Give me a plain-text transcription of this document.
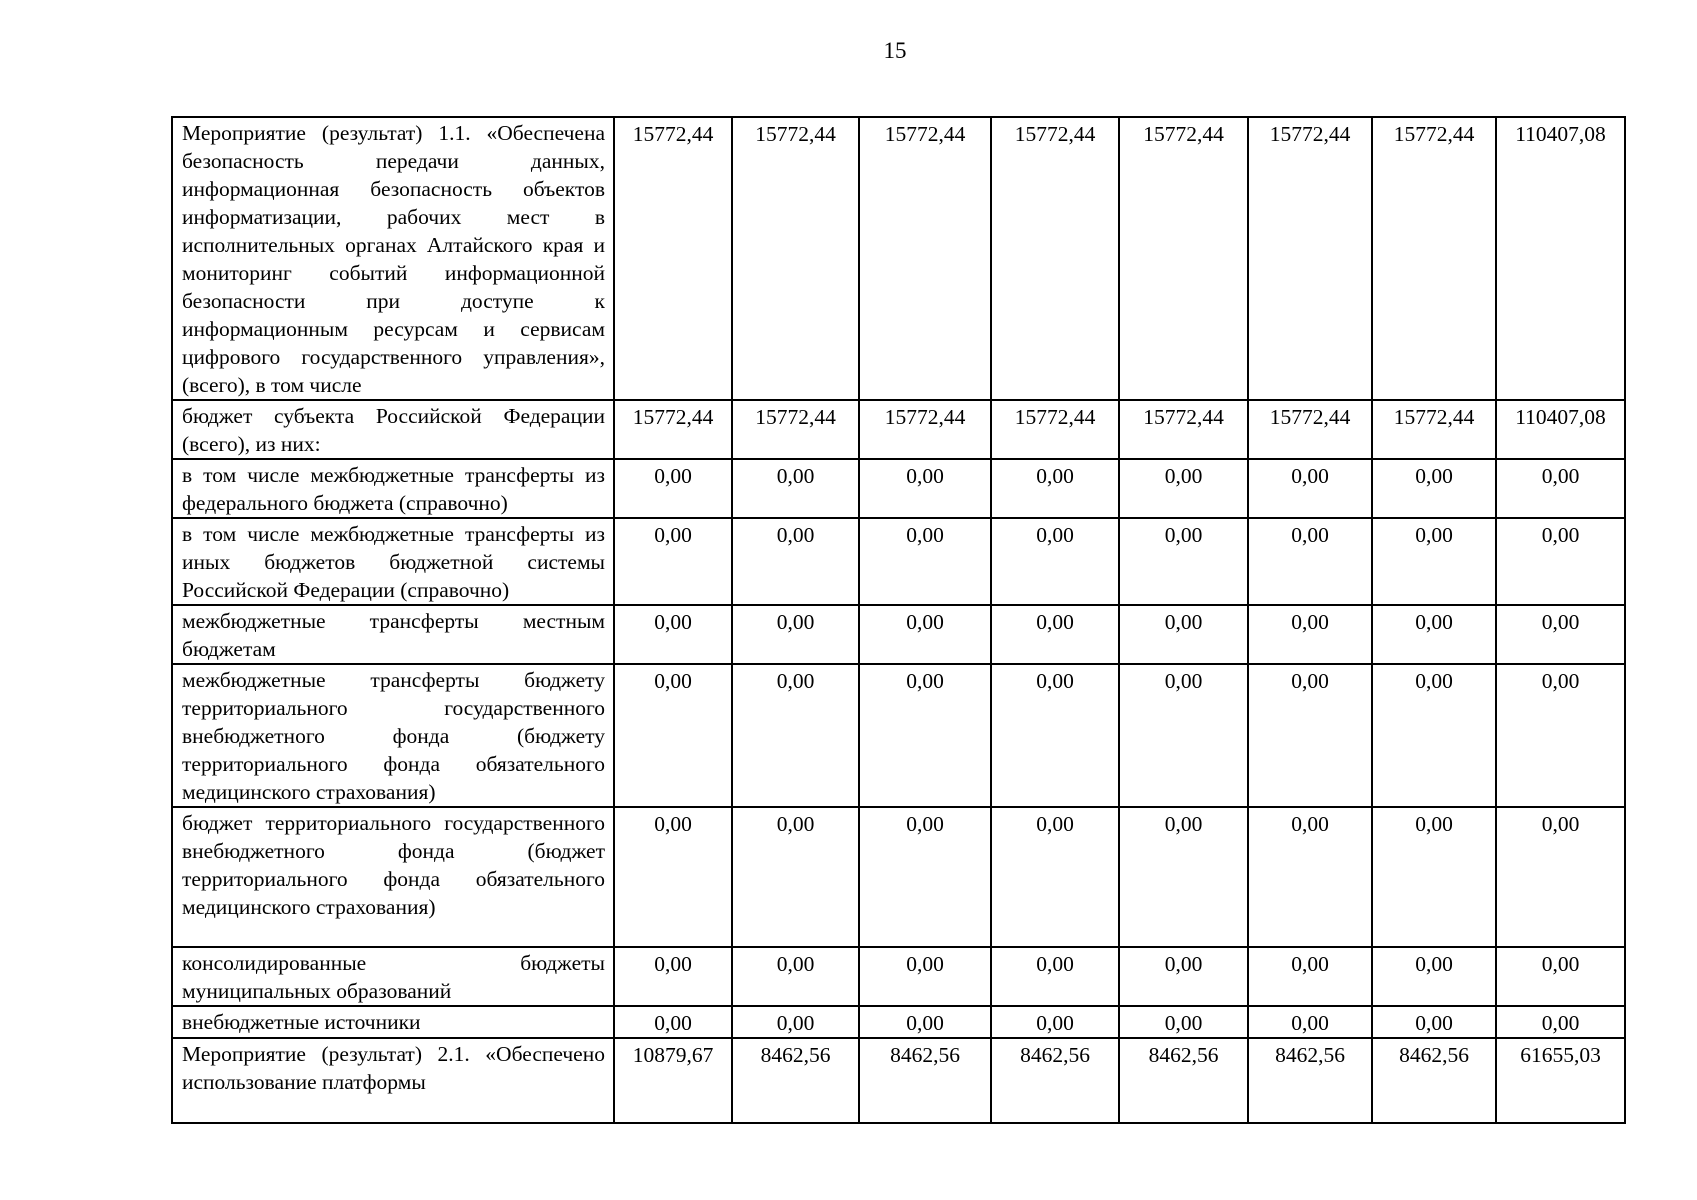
15
Мероприятие (результат) 1.1. «Обеспечена безопасность передачи данных, информационная безопасность объектов информатизации, рабочих мест в исполнительных органах Алтайского края и мониторинг событий информационной безопасности при доступе к информационным ресурсам и сервисам цифрового государственного управления», (всего), в том числе	15772,44	15772,44	15772,44	15772,44	15772,44	15772,44	15772,44	110407,08
бюджет субъекта Российской Федерации (всего), из них:	15772,44	15772,44	15772,44	15772,44	15772,44	15772,44	15772,44	110407,08
в том числе межбюджетные трансферты из федерального бюджета (справочно)	0,00	0,00	0,00	0,00	0,00	0,00	0,00	0,00
в том числе межбюджетные трансферты из иных бюджетов бюджетной системы Российской Федерации (справочно)	0,00	0,00	0,00	0,00	0,00	0,00	0,00	0,00
межбюджетные трансферты местным бюджетам	0,00	0,00	0,00	0,00	0,00	0,00	0,00	0,00
межбюджетные трансферты бюджету территориального государственного внебюджетного фонда (бюджету территориального фонда обязательного медицинского страхования)	0,00	0,00	0,00	0,00	0,00	0,00	0,00	0,00
бюджет территориального государственного внебюджетного фонда (бюджет территориального фонда обязательного медицинского страхования)	0,00	0,00	0,00	0,00	0,00	0,00	0,00	0,00
консолидированные бюджеты муниципальных образований	0,00	0,00	0,00	0,00	0,00	0,00	0,00	0,00
внебюджетные источники	0,00	0,00	0,00	0,00	0,00	0,00	0,00	0,00
Мероприятие (результат) 2.1. «Обеспечено использование платформы	10879,67	8462,56	8462,56	8462,56	8462,56	8462,56	8462,56	61655,03
